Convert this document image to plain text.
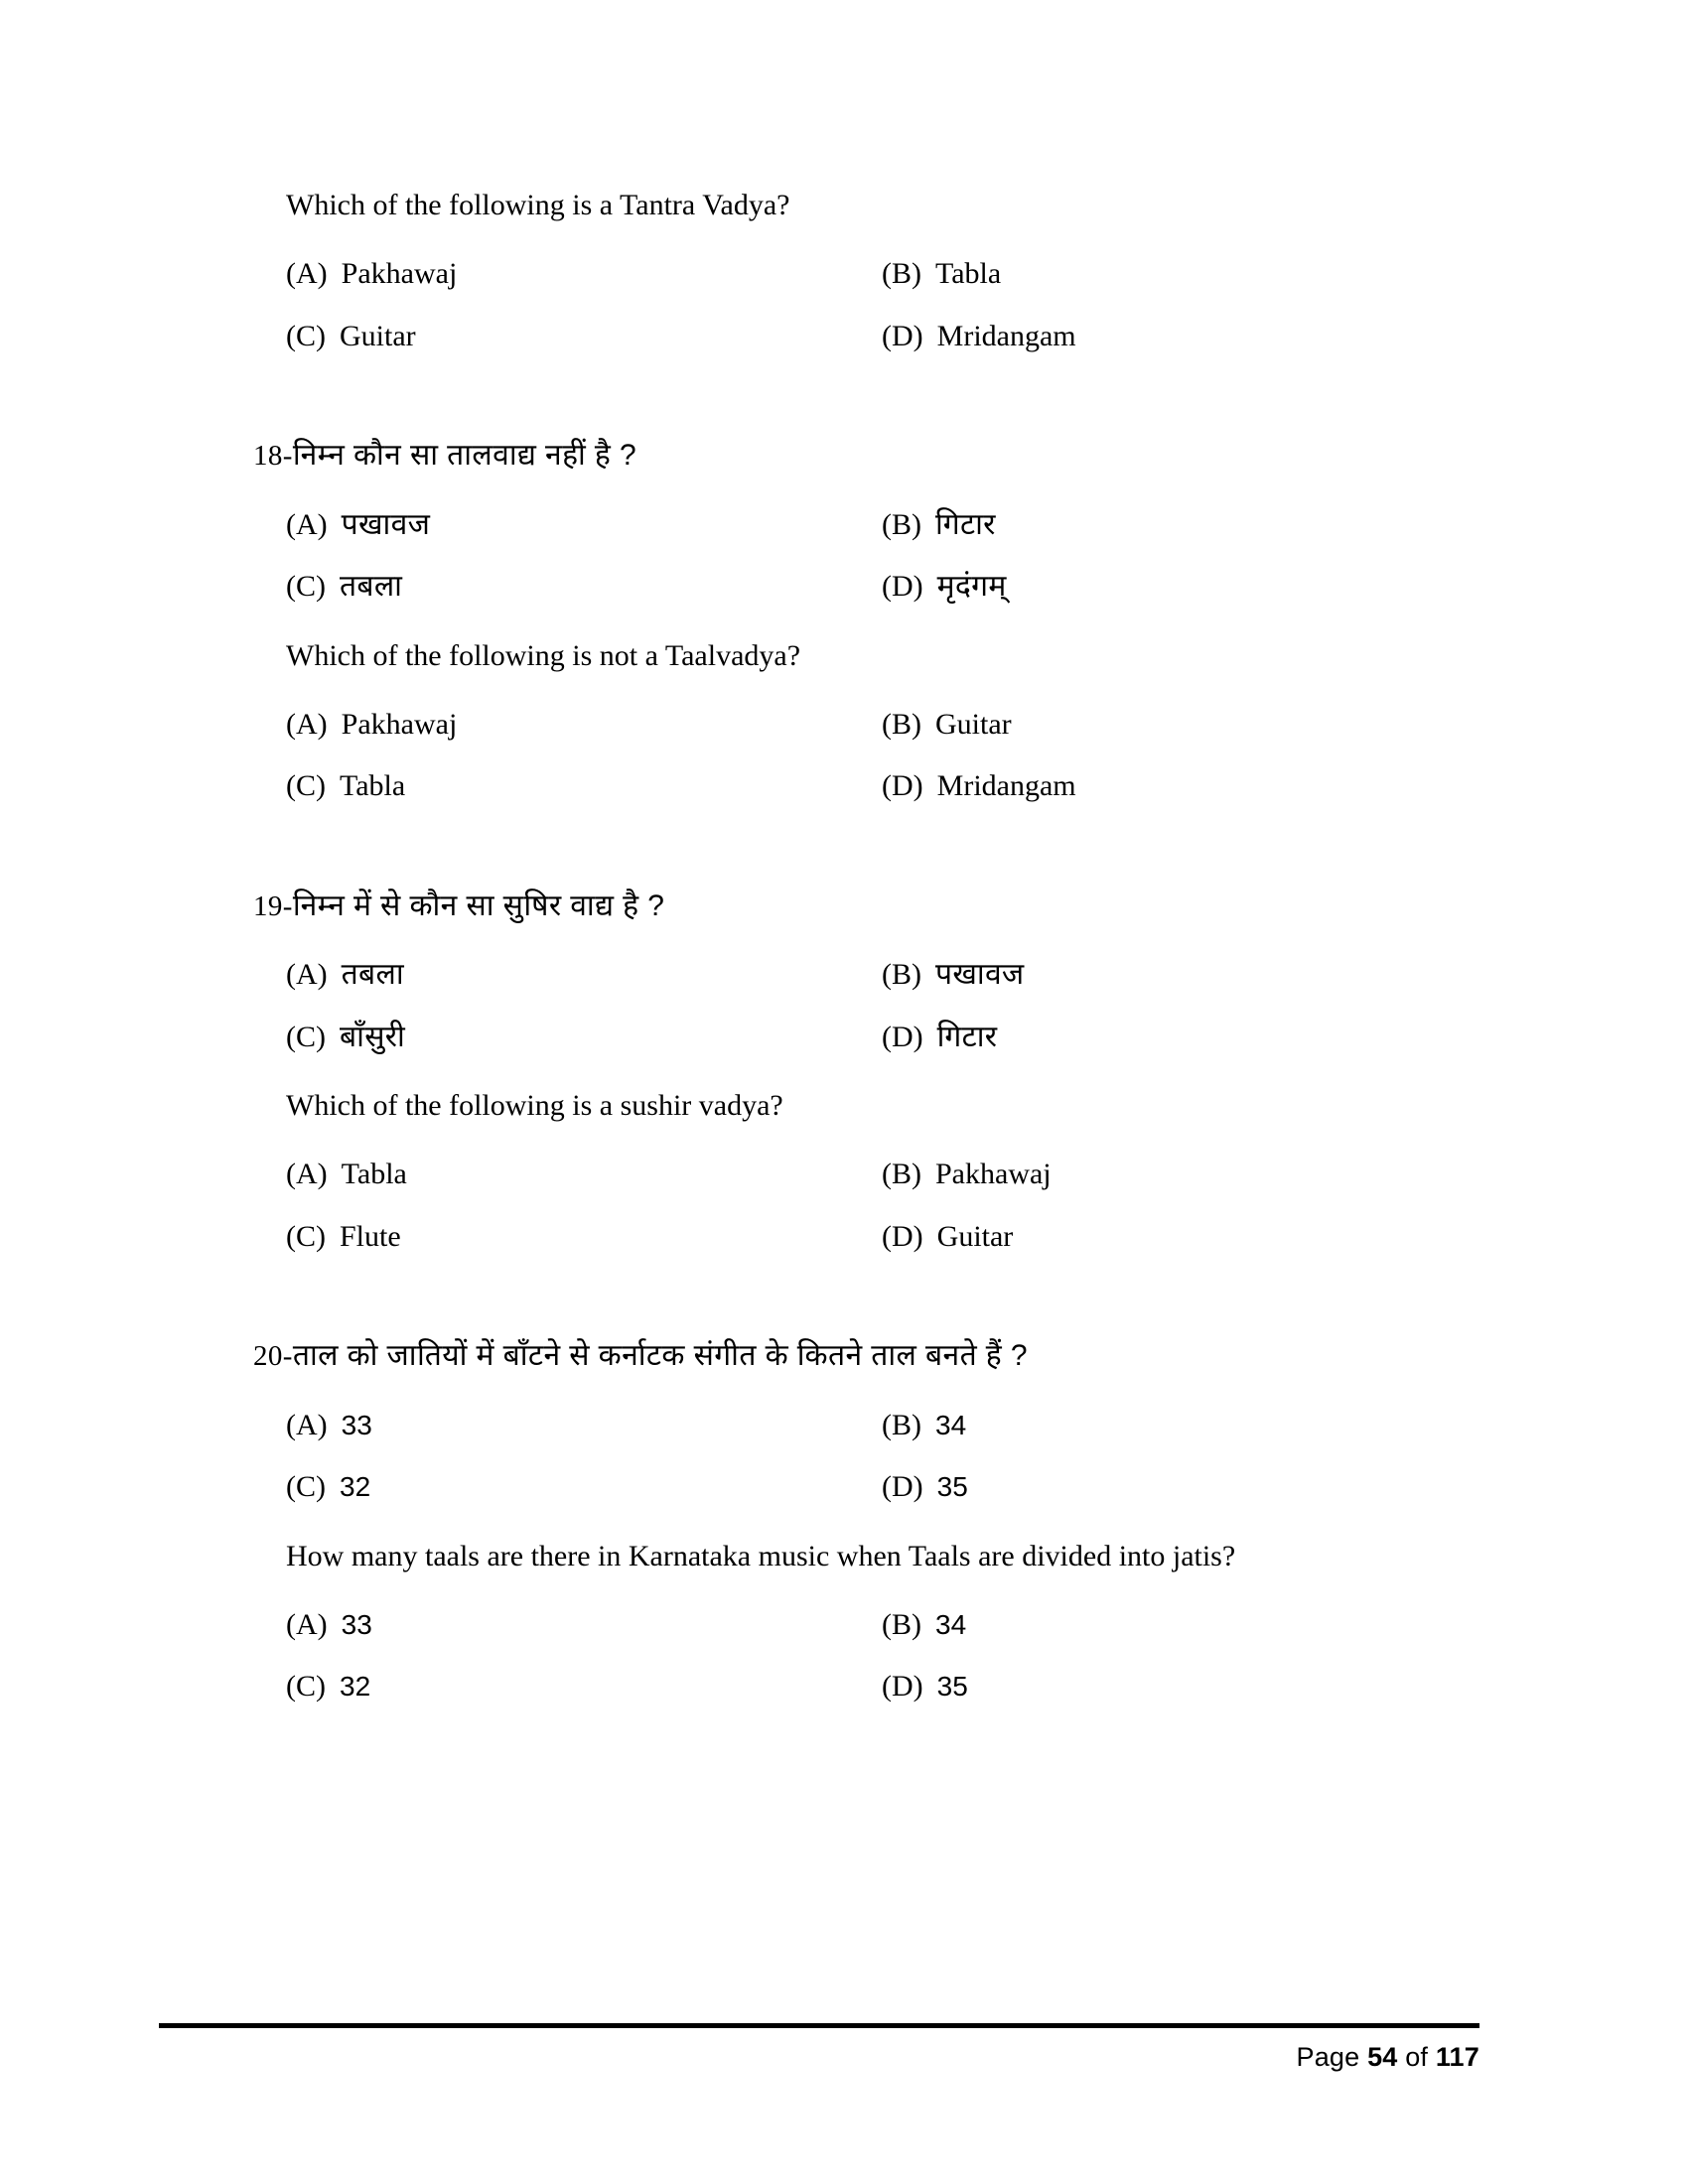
Which of the following is a Tantra Vadya?
(A) Pakhawaj	(B) Tabla
(C) Guitar	(D) Mridangam
18-निम्न कौन सा तालवाद्य नहीं है ?
(A) पखावज	(B) गिटार
(C) तबला	(D) मृदंगम्
Which of the following is not a Taalvadya?
(A) Pakhawaj	(B) Guitar
(C) Tabla	(D) Mridangam
19-निम्न में से कौन सा सुषिर वाद्य है ?
(A) तबला	(B) पखावज
(C) बाँसुरी	(D) गिटार
Which of the following is a sushir vadya?
(A) Tabla	(B) Pakhawaj
(C) Flute	(D) Guitar
20-ताल को जातियों में बाँटने से कर्नाटक संगीत के कितने ताल बनते हैं ?
(A) 33	(B) 34
(C) 32	(D) 35
How many taals are there in Karnataka music when Taals are divided into jatis?
(A) 33	(B) 34
(C) 32	(D) 35
Page 54 of 117
